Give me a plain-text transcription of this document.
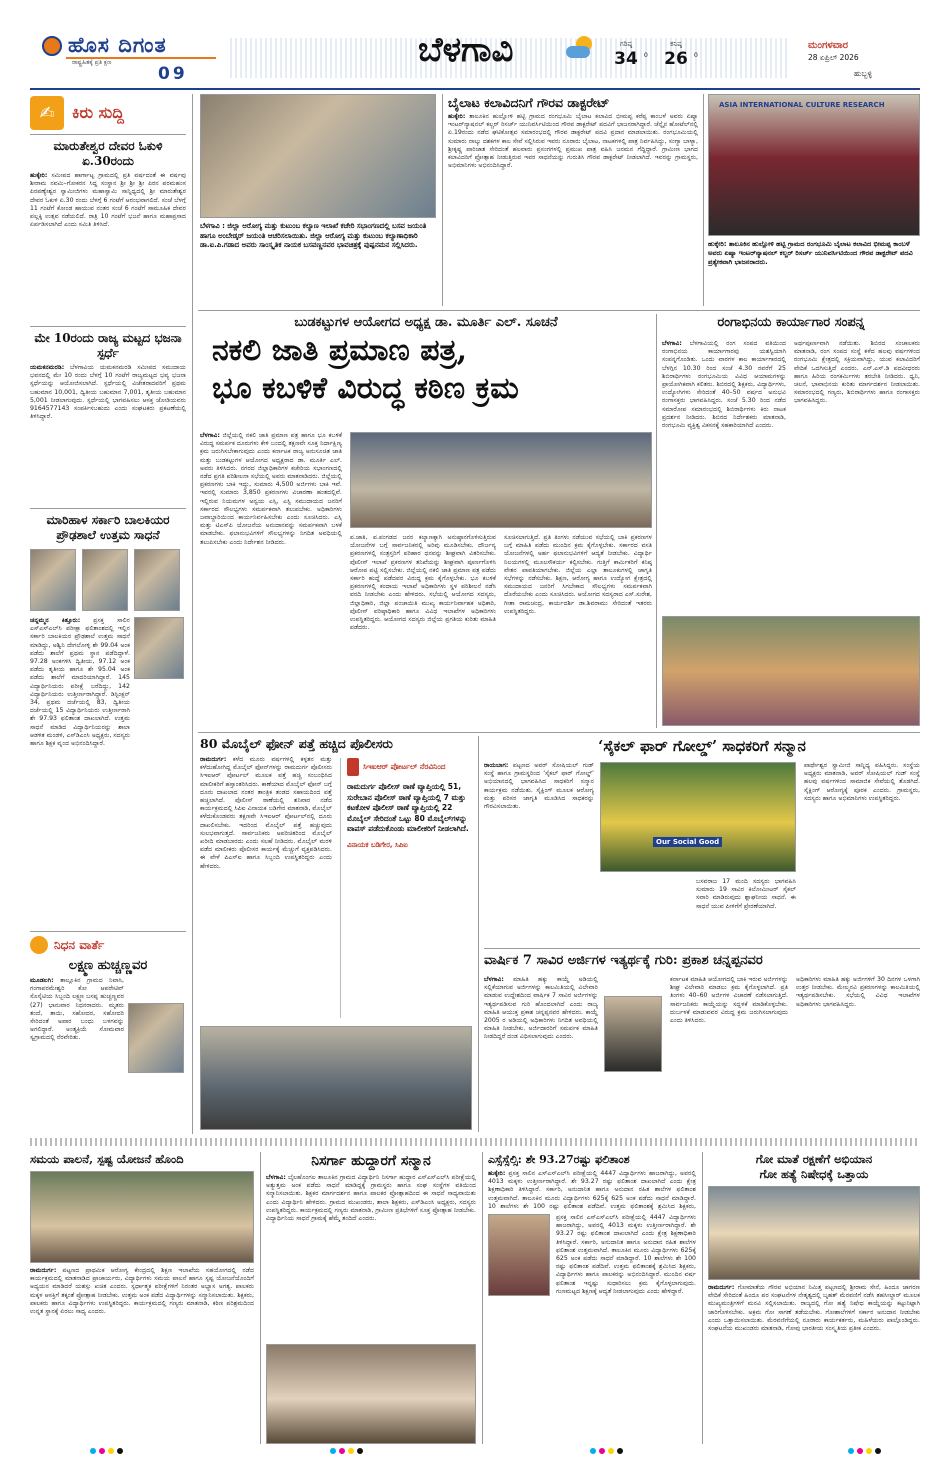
ಹೊಸ ದಿಗಂತ
ರಾಷ್ಟ್ರಹಿತಕ್ಕೆ ಪ್ರತಿ ಕ್ಷಣ
09
ಬೆಳಗಾವಿ	ಗರಿಷ್ಠ
34	0
ಕನಿಷ್ಠ
26	0
ಮಂಗಳವಾರ
28 ಏಪ್ರಿಲ್ 2026
ಹುಬ್ಬಳ್ಳಿ
✍	ಕಿರು ಸುದ್ದಿ
ಮಾರುತೇಶ್ವರ ದೇವರ ಓಕುಳಿ ಏ.30ರಂದು
ಹುಕ್ಕೇರಿ: ಸಮೀಪದ ಹಾರ್ಗಾಟ್ಟ ಗ್ರಾಮದಲ್ಲಿ ಪ್ರತಿ ವರ್ಷದಂತೆ ಈ ವರ್ಷವು ಶೀರಾಮ ನವಮಿ–ಗೋಕರನ ಸಿದ್ಧ ಸಂಸ್ಥಾನ ಶ್ರೀ ಶ್ರೀ ಶ್ರೀ ಪಿರನ ಪರಮಹಂಸ ಪಿರಪಣ್ಯೇಶ್ವರ ಸ್ವಾಮೀಜಿಗಳು ಮಹಾಸ್ವಾಮಿ ಸಾನ್ನಿಧ್ಯದಲ್ಲಿ ಶ್ರೀ ಮಾರುತೇಶ್ವರ ದೇವರ ಓಕುಳಿ ಏ.30 ರಂದು ಬೆಳಗ್ಗೆ 6 ಗಂಟೆಗೆ ಆರಂಭವಾಗಲಿದೆ. ಸಂಜೆ ಬೆಳಗ್ಗೆ 11 ಗಂಟೆಗೆ ಕೋಂಡ ಹಾಯುವ ನಂತರ ಸಂಜೆ 6 ಗಂಟೆಗೆ ಸಾಮೂಹಿಕ ದೇವರ ಪಲ್ಲಕ್ಕಿ ಉತ್ಸವ ನಡೆಯಲಿದೆ. ರಾತ್ರಿ 10 ಗಂಟೆಗೆ ಭಜನೆ ಹಾಗೂ ಮಹಾಪ್ರಸಾದ ಏರ್ಪಡಿಸಲಾಗಿದೆ ಎಂದು ಸಮಿತಿ ತಿಳಿಸಿದೆ.
ಮೇ 10ರಂದು ರಾಜ್ಯ ಮಟ್ಟದ ಭಜನಾ ಸ್ಪರ್ಧೆ
ಯಮಕನಮರಡಿ: ಬೆಳಗಾವಿಯ ಯಮಕನಮರಡಿ ಸಮೀಪದ ಸಮುದಾಯ ಭವನದಲ್ಲಿ ಮೇ 10 ರಂದು ಬೆಳಗ್ಗೆ 10 ಗಂಟೆಗೆ ರಾಜ್ಯಮಟ್ಟದ ಭವ್ಯ ಭಜನಾ ಸ್ಪರ್ಧೆಯನ್ನು ಆಯೋಜಿಸಲಾಗಿದೆ. ಸ್ಪರ್ಧೆಯಲ್ಲಿ ವಿಜೇತರಾದವರಿಗೆ ಪ್ರಥಮ ಬಹುಮಾನ 10,001, ದ್ವಿತೀಯ ಬಹುಮಾನ 7,001, ತೃತೀಯ ಬಹುಮಾನ 5,001 ನೀಡಲಾಗುವುದು. ಸ್ಪರ್ಧೆಯಲ್ಲಿ ಭಾಗವಹಿಸಲು ಆಸಕ್ತ ಜೋಡಿಯವರು 9164577143 ಸಂಪರ್ಕಿಸಬಹುದು ಎಂದು ಸಂಘಟಕರು ಪ್ರಕಟಣೆಯಲ್ಲಿ ತಿಳಿಸಿದ್ದಾರೆ.
ಮಾರಿಹಾಳ ಸರ್ಕಾರಿ ಬಾಲಕಿಯರ ಪ್ರೌಢಶಾಲೆ ಉತ್ತಮ ಸಾಧನೆ
ಚನ್ನಮ್ಮನ ಕಿತ್ತೂರು: ಪ್ರಸಕ್ತ ಸಾಲಿನ ಎಸ್ಎಸ್ಎಲ್‌ಸಿ ಪರೀಕ್ಷಾ ಫಲಿತಾಂಶದಲ್ಲಿ ಇಲ್ಲಿನ ಸರ್ಕಾರಿ ಬಾಲಕಿಯರ ಪ್ರೌಢಶಾಲೆ ಉತ್ತಮ ಸಾಧನೆ ಮಾಡಿದ್ದು, ಅಶ್ವಿನಿ ದೇಗಲೋಳ್ಳಿ ಶೇ 99.04 ಅಂಕ ಪಡೆದು ಶಾಲೆಗೆ ಪ್ರಥಮ ಸ್ಥಾನ ಪಡೆದಿದ್ದಾಳೆ. 97.28 ಅಂಕಗಳಿಸಿ ದ್ವಿತೀಯ, 97.12 ಅಂಕ ಪಡೆದು ತೃತೀಯ ಹಾಗೂ ಶೇ 95.04 ಅಂಕ ಪಡೆದು ಶಾಲೆಗೆ ಮಾದರಿಯಾಗಿದ್ದಾರೆ. 145 ವಿದ್ಯಾರ್ಥಿನಿಯರು ಪರೀಕ್ಷೆ ಬರೆದಿದ್ದು, 142 ವಿದ್ಯಾರ್ಥಿನಿಯರು ಉತ್ತೀರ್ಣರಾಗಿದ್ದಾರೆ. ಡಿಸ್ಟಿಂಕ್ಷನ್ 34, ಪ್ರಥಮ ದರ್ಜೆಯಲ್ಲಿ 83, ದ್ವಿತೀಯ ದರ್ಜೆಯಲ್ಲಿ 15 ವಿದ್ಯಾರ್ಥಿನಿಯರು ಉತ್ತೀರ್ಣರಾಗಿ ಶೇ 97.93 ಫಲಿತಾಂಶ ದಾಖಲಾಗಿದೆ. ಉತ್ತಮ ಸಾಧನೆ ಮಾಡಿದ ವಿದ್ಯಾರ್ಥಿನಿಯರನ್ನು ಶಾಲಾ ಆಡಳಿತ ಮಂಡಳಿ, ಎಸ್‌ಡಿಎಂಸಿ ಅಧ್ಯಕ್ಷರು, ಸದಸ್ಯರು ಹಾಗೂ ಶಿಕ್ಷಕ ವೃಂದ ಅಭಿನಂದಿಸಿದ್ದಾರೆ.
ನಿಧನ ವಾರ್ತೆ
ಲಕ್ಷ್ಮಣ ಹುಚ್ಚಣ್ಣವರ
ಮೂಡಲಗಿ: ತಾಲ್ಲೂಕಿನ ಗ್ರಾಮದ ನಿವಾಸಿ, ಗಂಗಾಪರಮೇಶ್ವರಿ ಕೋ ಆಪರೇಟಿವ್ ಸೊಸೈಟಿಯ ಸಿಬ್ಬಂದಿ ಲಕ್ಷ್ಮಣ ಬಸಪ್ಪ ಹುಚ್ಚಣ್ಣವರ (27) ಭಾನುವಾರ ನಿಧನರಾದರು. ಮೃತರು ತಂದೆ, ತಾಯಿ, ಸಹೋದರ, ಸಹೋದರಿ ಸೇರಿದಂತೆ ಅಪಾರ ಬಂಧು ಬಳಗವನ್ನು ಅಗಲಿದ್ದಾರೆ. ಅಂತ್ಯಕ್ರಿಯೆ ಸೋಮವಾರ ಸ್ವಗ್ರಾಮದಲ್ಲಿ ನೆರವೇರಿತು.
ಬೆಳಗಾವಿ : ಜಿಲ್ಲಾ ಆರೋಗ್ಯ ಮತ್ತು ಕುಟುಂಬ ಕಲ್ಯಾಣ ಇಲಾಖೆ ಕಚೇರಿ ಸಭಾಂಗಣದಲ್ಲಿ ಬಸವ ಜಯಂತಿ ಹಾಗೂ ಅಂಬೇಡ್ಕರ್ ಜಯಂತಿ ಆಚರಿಸಲಾಯಿತು. ಜಿಲ್ಲಾ ಆರೋಗ್ಯ ಮತ್ತು ಕುಟುಂಬ ಕಲ್ಯಾಣಾಧಿಕಾರಿ ಡಾ.ಐ.ಪಿ.ಗಡಾದ ಅವರು ಸಾಂಸ್ಕೃತಿಕ ನಾಯಕ ಬಸವಣ್ಣನವರ ಭಾವಚಿತ್ರಕ್ಕೆ ಪುಷ್ಪನಮನ ಸಲ್ಲಿಸಿದರು.
ಬೈಲಾಟ ಕಲಾವಿದನಿಗೆ ಗೌರವ ಡಾಕ್ಟರೇಟ್
ಹುಕ್ಕೇರಿ: ತಾಲೂಕಿನ ಹುಲ್ಲೋಳಿ ಹಟ್ಟಿ ಗ್ರಾಮದ ರಂಗಭೂಮಿ ಬೈಲಾಟ ಕಲಾವಿದ ಭೀಮಪ್ಪ ಕರೆಪ್ಪ ಕಾಂಬಳೆ ಅವರು ಏಷ್ಯಾ ಇಂಟರ್‌ನ್ಯಾಷನಲ್ ಕಲ್ಚರ್ ರಿಸರ್ಚ್ ಯುನಿವರ್ಸಿಟಿಯಿಂದ ಗೌರವ ಡಾಕ್ಟರೇಟ್ ಪದವಿಗೆ ಭಾಜನರಾಗಿದ್ದಾರೆ. ಚೆನ್ನೈನ ಹೋಟೆಲ್‌ನಲ್ಲಿ ಏ.19ರಂದು ನಡೆದ ಘಟಿಕೋತ್ಸವ ಸಮಾರಂಭದಲ್ಲಿ ಗೌರವ ಡಾಕ್ಟರೇಟ್ ಪದವಿ ಪ್ರದಾನ ಮಾಡಲಾಯಿತು. ರಂಗಭೂಮಿಯಲ್ಲಿ ಸುಮಾರು ನಾಲ್ಕು ದಶಕಗಳ ಕಾಲ ಸೇವೆ ಸಲ್ಲಿಸಿರುವ ಇವರು ನೂರಾರು ಬೈಲಾಟ, ನಾಟಕಗಳಲ್ಲಿ ಪಾತ್ರ ನಿರ್ವಹಿಸಿದ್ದು, ಸಂಗ್ಯಾ ಬಾಳ್ಯಾ, ಶ್ರೀಕೃಷ್ಣ ಪಾರಿಜಾತ ಸೇರಿದಂತೆ ಹಲವಾರು ಪ್ರಸಂಗಗಳಲ್ಲಿ ಪ್ರಮುಖ ಪಾತ್ರ ವಹಿಸಿ ಜನಮನ ಗೆದ್ದಿದ್ದಾರೆ. ಗ್ರಾಮೀಣ ಭಾಗದ ಕಲಾವಿದರಿಗೆ ಪ್ರೋತ್ಸಾಹ ನೀಡುತ್ತಿರುವ ಇವರ ಸಾಧನೆಯನ್ನು ಗುರುತಿಸಿ ಗೌರವ ಡಾಕ್ಟರೇಟ್ ನೀಡಲಾಗಿದೆ. ಇವರನ್ನು ಗ್ರಾಮಸ್ಥರು, ಅಭಿಮಾನಿಗಳು ಅಭಿನಂದಿಸಿದ್ದಾರೆ.
ASIA INTERNATIONAL CULTURE RESEARCH
ಹುಕ್ಕೇರಿ: ತಾಲೂಕಿನ ಹುಲ್ಲೋಳಿ ಹಟ್ಟಿ ಗ್ರಾಮದ ರಂಗಭೂಮಿ ಬೈಲಾಟ ಕಲಾವಿದ ಭೀಮಪ್ಪ ಕಾಂಬಳೆ ಅವರು ಏಷ್ಯಾ ಇಂಟರ್‌ನ್ಯಾಷನಲ್ ಕಲ್ಚರ್ ರಿಸರ್ಚ್ ಯುನಿವರ್ಸಿಟಿಯಿಂದ ಗೌರವ ಡಾಕ್ಟರೇಟ್ ಪದವಿ ಪ್ರತ್ಯೇಕವಾಗಿ ಭಾಜನರಾದರು.
ಬುಡಕಟ್ಟುಗಳ ಆಯೋಗದ ಅಧ್ಯಕ್ಷ ಡಾ. ಮೂರ್ತಿ ಎಲ್. ಸೂಚನೆ
ನಕಲಿ ಜಾತಿ ಪ್ರಮಾಣ ಪತ್ರ,
ಭೂ ಕಬಳಿಕೆ ವಿರುದ್ಧ ಕಠಿಣ ಕ್ರಮ
ಬೆಳಗಾವಿ: ಜಿಲ್ಲೆಯಲ್ಲಿ ನಕಲಿ ಜಾತಿ ಪ್ರಮಾಣ ಪತ್ರ ಹಾಗೂ ಭೂ ಕಬಳಿಕೆ ವಿರುದ್ಧ ಸಮರ್ಪಕ ದೂರುಗಳು ಕೇಳಿ ಬಂದಲ್ಲಿ ತಕ್ಷಣವೇ ಸೂಕ್ತ ನಿರ್ದಾಕ್ಷಿಣ್ಯ ಕ್ರಮ ಜರುಗಿಸಬೇಕಾಗುವುದು ಎಂದು ಕರ್ನಾಟಕ ರಾಜ್ಯ ಅನುಸೂಚಿತ ಜಾತಿ ಮತ್ತು ಬುಡಕಟ್ಟುಗಳ ಆಯೋಗದ ಅಧ್ಯಕ್ಷರಾದ ಡಾ. ಮೂರ್ತಿ ಎಲ್. ಅವರು ತಿಳಿಸಿದರು. ನಗರದ ಜಿಲ್ಲಾಧಿಕಾರಿಗಳ ಕಚೇರಿಯ ಸಭಾಂಗಣದಲ್ಲಿ ನಡೆದ ಪ್ರಗತಿ ಪರಿಶೀಲನಾ ಸಭೆಯಲ್ಲಿ ಅವರು ಮಾತನಾಡಿದರು. ಜಿಲ್ಲೆಯಲ್ಲಿ ಪ್ರಕರಣಗಳು ಬಾಕಿ ಇದ್ದು, ಸುಮಾರು 4,500 ಅರ್ಜಿಗಳು ಬಾಕಿ ಇವೆ. ಇವರಲ್ಲಿ ಸುಮಾರು 3,850 ಪ್ರಕರಣಗಳು ವಿಚಾರಣಾ ಹಂತದಲ್ಲಿವೆ. ಇಲ್ಲಿರುವ ನಿಯಮಗಳ ಅನ್ವಯ ಎಸ್ಸಿ, ಎಸ್ಟಿ ಸಮುದಾಯದ ಜನರಿಗೆ ಸರ್ಕಾರದ ಸೌಲಭ್ಯಗಳು ಸಮರ್ಪಕವಾಗಿ ತಲುಪಬೇಕು. ಅಧಿಕಾರಿಗಳು ಜವಾಬ್ದಾರಿಯಿಂದ ಕಾರ್ಯನಿರ್ವಹಿಸಬೇಕು ಎಂದು ಸೂಚಿಸಿದರು. ಎಸ್ಸಿ ಮತ್ತು ಟಿಎಸ್‌ಪಿ ಯೋಜನೆಯ ಅನುದಾನವನ್ನು ಸಮರ್ಪಕವಾಗಿ ಬಳಕೆ ಮಾಡಬೇಕು. ಫಲಾನುಭವಿಗಳಿಗೆ ಸೌಲಭ್ಯಗಳನ್ನು ನಿಗದಿತ ಅವಧಿಯಲ್ಲಿ ತಲುಪಿಸಬೇಕು ಎಂದು ನಿರ್ದೇಶನ ನೀಡಿದರು.
ಪ.ಜಾತಿ, ಪ.ಪಂಗಡದ ಜನರ ಕಲ್ಯಾಣಕ್ಕಾಗಿ ಅನುಷ್ಠಾನಗೊಳಿಸುತ್ತಿರುವ ಯೋಜನೆಗಳ ಬಗ್ಗೆ ಸಾರ್ವಜನಿಕರಲ್ಲಿ ಅರಿವು ಮೂಡಿಸಬೇಕು. ದೌರ್ಜನ್ಯ ಪ್ರಕರಣಗಳಲ್ಲಿ ಸಂತ್ರಸ್ತರಿಗೆ ಪರಿಹಾರ ಧನವನ್ನು ಶೀಘ್ರವಾಗಿ ವಿತರಿಸಬೇಕು. ಪೊಲೀಸ್ ಇಲಾಖೆ ಪ್ರಕರಣಗಳ ತನಿಖೆಯನ್ನು ಶೀಘ್ರವಾಗಿ ಪೂರ್ಣಗೊಳಿಸಿ ಆರೋಪ ಪಟ್ಟಿ ಸಲ್ಲಿಸಬೇಕು. ಜಿಲ್ಲೆಯಲ್ಲಿ ನಕಲಿ ಜಾತಿ ಪ್ರಮಾಣ ಪತ್ರ ಪಡೆದು ಸರ್ಕಾರಿ ಹುದ್ದೆ ಪಡೆದವರ ವಿರುದ್ಧ ಕ್ರಮ ಕೈಗೊಳ್ಳಬೇಕು. ಭೂ ಕಬಳಿಕೆ ಪ್ರಕರಣಗಳಲ್ಲಿ ಕಂದಾಯ ಇಲಾಖೆ ಅಧಿಕಾರಿಗಳು ಸ್ಥಳ ಪರಿಶೀಲನೆ ನಡೆಸಿ ವರದಿ ನೀಡಬೇಕು ಎಂದು ಹೇಳಿದರು. ಸಭೆಯಲ್ಲಿ ಆಯೋಗದ ಸದಸ್ಯರು, ಜಿಲ್ಲಾಧಿಕಾರಿ, ಜಿಲ್ಲಾ ಪಂಚಾಯಿತಿ ಮುಖ್ಯ ಕಾರ್ಯನಿರ್ವಾಹಕ ಅಧಿಕಾರಿ, ಪೊಲೀಸ್ ವರಿಷ್ಠಾಧಿಕಾರಿ ಹಾಗೂ ವಿವಿಧ ಇಲಾಖೆಗಳ ಅಧಿಕಾರಿಗಳು ಉಪಸ್ಥಿತರಿದ್ದರು. ಆಯೋಗದ ಸದಸ್ಯರು ಜಿಲ್ಲೆಯ ಪ್ರಗತಿಯ ಕುರಿತು ಮಾಹಿತಿ ಪಡೆದರು.
ಸೂಚಿಸಲಾಗುತ್ತಿದೆ. ಪ್ರತಿ ತಿಂಗಳು ನಡೆಯುವ ಸಭೆಯಲ್ಲಿ ಬಾಕಿ ಪ್ರಕರಣಗಳ ಬಗ್ಗೆ ಮಾಹಿತಿ ಪಡೆದು ಮುಂದಿನ ಕ್ರಮ ಕೈಗೊಳ್ಳಬೇಕು. ಸರ್ಕಾರದ ವಸತಿ ಯೋಜನೆಗಳಲ್ಲಿ ಅರ್ಹ ಫಲಾನುಭವಿಗಳಿಗೆ ಆದ್ಯತೆ ನೀಡಬೇಕು. ವಿದ್ಯಾರ್ಥಿ ನಿಲಯಗಳಲ್ಲಿ ಮೂಲಸೌಕರ್ಯ ಕಲ್ಪಿಸಬೇಕು. ಗುತ್ತಿಗೆ ಕಾರ್ಮಿಕರಿಗೆ ಕನಿಷ್ಠ ವೇತನ ಪಾವತಿಯಾಗಬೇಕು. ಜಿಲ್ಲೆಯ ಎಲ್ಲಾ ತಾಲೂಕುಗಳಲ್ಲಿ ಜಾಗೃತಿ ಸಭೆಗಳನ್ನು ನಡೆಸಬೇಕು. ಶಿಕ್ಷಣ, ಆರೋಗ್ಯ ಹಾಗೂ ಉದ್ಯೋಗ ಕ್ಷೇತ್ರದಲ್ಲಿ ಸಮುದಾಯದ ಜನರಿಗೆ ಸಿಗಬೇಕಾದ ಸೌಲಭ್ಯಗಳು ಸಮರ್ಪಕವಾಗಿ ದೊರೆಯಬೇಕು ಎಂದು ಸೂಚಿಸಿದರು. ಆಯೋಗದ ಸದಸ್ಯರಾದ ಎಸ್.ಸುರೇಶ, ಗೀತಾ ರಾಮಚಂದ್ರ, ಕಾರ್ಯದರ್ಶಿ ಡಾ.ಶಿವರಾಮು ಸೇರಿದಂತೆ ಇತರರು ಉಪಸ್ಥಿತರಿದ್ದರು.
ರಂಗಾಭಿನಯ ಕಾರ್ಯಾಗಾರ ಸಂಪನ್ನ
ಬೆಳಗಾವಿ: ಬೆಳಗಾವಿಯಲ್ಲಿ ರಂಗ ಸಂಪದ ವತಿಯಿಂದ ರಂಗಾಭಿನಯ ಕಾರ್ಯಾಗಾರವು ಯಶಸ್ವಿಯಾಗಿ ಸಂಪನ್ನಗೊಂಡಿತು. ಒಂದು ವಾರಗಳ ಕಾಲ ಕಾರ್ಯಾಗಾರದಲ್ಲಿ ಬೆಳಗ್ಗಿನ 10.30 ರಿಂದ ಸಂಜೆ 4.30 ರವರೆಗೆ 25 ಶಿಬಿರಾರ್ಥಿಗಳು ರಂಗಭೂಮಿಯ ವಿವಿಧ ಆಯಾಮಗಳನ್ನು ಪ್ರಾಯೋಗಿಕವಾಗಿ ಕಲಿತರು. ಶಿಬಿರದಲ್ಲಿ ಶಿಕ್ಷಕರು, ವಿದ್ಯಾರ್ಥಿಗಳು, ಉದ್ಯೋಗಿಗಳು ಸೇರಿದಂತೆ 40–50 ವರ್ಷದ ಅನುಭವಿ ರಂಗಾಸಕ್ತರು ಭಾಗವಹಿಸಿದ್ದರು. ಸಂಜೆ 5.30 ರಿಂದ ನಡೆದ ಸಮಾರೋಪ ಸಮಾರಂಭದಲ್ಲಿ ಶಿಬಿರಾರ್ಥಿಗಳು ಕಿರು ನಾಟಕ ಪ್ರದರ್ಶನ ನೀಡಿದರು. ಶಿಬಿರದ ನಿರ್ದೇಶಕರು ಮಾತನಾಡಿ, ರಂಗಭೂಮಿ ವ್ಯಕ್ತಿತ್ವ ವಿಕಸನಕ್ಕೆ ಸಹಕಾರಿಯಾಗಿದೆ ಎಂದರು.
ಅರ್ಥಪೂರ್ಣವಾಗಿ ನಡೆಯಿತು. ಶಿಬಿರದ ಸಂಚಾಲಕರು ಮಾತನಾಡಿ, ರಂಗ ಸಂಪದ ಸಂಸ್ಥೆ ಕಳೆದ ಹಲವು ವರ್ಷಗಳಿಂದ ರಂಗಭೂಮಿ ಕ್ಷೇತ್ರದಲ್ಲಿ ಸಕ್ರಿಯವಾಗಿದ್ದು, ಯುವ ಕಲಾವಿದರಿಗೆ ವೇದಿಕೆ ಒದಗಿಸುತ್ತಿದೆ ಎಂದರು. ಎನ್.ಎಸ್.ಡಿ ಪದವೀಧರರು ಹಾಗೂ ಹಿರಿಯ ರಂಗಕರ್ಮಿಗಳು ತರಬೇತಿ ನೀಡಿದರು. ಧ್ವನಿ, ಚಲನೆ, ಭಾವಾಭಿನಯ ಕುರಿತು ಮಾರ್ಗದರ್ಶನ ನೀಡಲಾಯಿತು. ಸಮಾರಂಭದಲ್ಲಿ ಗಣ್ಯರು, ಶಿಬಿರಾರ್ಥಿಗಳು ಹಾಗೂ ರಂಗಾಸಕ್ತರು ಭಾಗವಹಿಸಿದ್ದರು.
80 ಮೊಬೈಲ್ ಫೋನ್ ಪತ್ತೆ ಹಚ್ಚಿದ ಪೊಲೀಸರು
ರಾಮದುರ್ಗ: ಕಳೆದ ಮೂರು ವರ್ಷಗಳಲ್ಲಿ ಕಳ್ಳತನ ಮತ್ತು ಕಳೆದುಹೋಗಿದ್ದ ಮೊಬೈಲ್ ಫೋನ್‌ಗಳನ್ನು ರಾಮದುರ್ಗ ಪೊಲೀಸರು ಸಿಇಐಆರ್ ಪೋರ್ಟಲ್ ಮೂಲಕ ಪತ್ತೆ ಹಚ್ಚಿ ಸಂಬಂಧಿಸಿದ ಮಾಲೀಕರಿಗೆ ಹಸ್ತಾಂತರಿಸಿದರು. ಕಾಣೆಯಾದ ಮೊಬೈಲ್ ಫೋನ್ ಬಗ್ಗೆ ದೂರು ದಾಖಲಾದ ನಂತರ ತಾಂತ್ರಿಕ ತಂಡದ ಸಹಾಯದಿಂದ ಪತ್ತೆ ಹಚ್ಚಲಾಗಿದೆ. ಪೊಲೀಸ್ ಠಾಣೆಯಲ್ಲಿ ಶನಿವಾರ ನಡೆದ ಕಾರ್ಯಕ್ರಮದಲ್ಲಿ ಸಿಪಿಐ ವಿನಾಯಕ ಬಡಿಗೇರ ಮಾತನಾಡಿ, ಮೊಬೈಲ್ ಕಳೆದುಕೊಂಡವರು ತಕ್ಷಣವೇ ಸಿಇಐಆರ್ ಪೋರ್ಟಲ್‌ನಲ್ಲಿ ದೂರು ದಾಖಲಿಸಬೇಕು. ಇದರಿಂದ ಮೊಬೈಲ್ ಪತ್ತೆ ಹಚ್ಚುವುದು ಸುಲಭವಾಗುತ್ತದೆ. ಸಾರ್ವಜನಿಕರು ಅಪರಿಚಿತರಿಂದ ಮೊಬೈಲ್ ಖರೀದಿ ಮಾಡಬಾರದು ಎಂದು ಸಲಹೆ ನೀಡಿದರು. ಮೊಬೈಲ್ ಮರಳಿ ಪಡೆದ ಮಾಲೀಕರು ಪೊಲೀಸರ ಕಾರ್ಯಕ್ಕೆ ಮೆಚ್ಚುಗೆ ವ್ಯಕ್ತಪಡಿಸಿದರು. ಈ ವೇಳೆ ಪಿಎಸ್ಐ ಹಾಗೂ ಸಿಬ್ಬಂದಿ ಉಪಸ್ಥಿತರಿದ್ದರು ಎಂದು ಹೇಳಿದರು.
ಸಿಇಐಆರ್ ಪೋರ್ಟಲ್ ನೆರವಿನಿಂದ
ರಾಮದುರ್ಗ ಪೊಲೀಸ್ ಠಾಣೆ ವ್ಯಾಪ್ತಿಯಲ್ಲಿ 51, ಸುರೇಬಾನ ಪೊಲೀಸ್ ಠಾಣೆ ವ್ಯಾಪ್ತಿಯಲ್ಲಿ 7 ಮತ್ತು ಕಟಕೋಳ ಪೊಲೀಸ್ ಠಾಣೆ ವ್ಯಾಪ್ತಿಯಲ್ಲಿ 22 ಮೊಬೈಲ್ ಸೇರಿದಂತೆ ಒಟ್ಟು 80 ಮೊಬೈಲ್‌ಗಳನ್ನು ವಾಪಸ್ ಪಡೆದುಕೊಂಡು ಮಾಲೀಕರಿಗೆ ನೀಡಲಾಗಿದೆ.
ವಿನಾಯಕ ಬಡಿಗೇರ, ಸಿಪಿಐ
‘ಸೈಕಲ್ ಫಾರ್ ಗೋಲ್ಡ್’ ಸಾಧಕರಿಗೆ ಸನ್ಮಾನ
ರಾಯಬಾಗ: ಪಟ್ಟಣದ ಅವರ್ ಸೋಷಿಯಲ್ ಗುಡ್ ಸಂಸ್ಥೆ ಹಾಗೂ ಗ್ರಾಮಸ್ಥರಿಂದ ‘ಸೈಕಲ್ ಫಾರ್ ಗೋಲ್ಡ್’ ಅಭಿಯಾನದಲ್ಲಿ ಭಾಗವಹಿಸಿದ ಸಾಧಕರಿಗೆ ಸನ್ಮಾನ ಕಾರ್ಯಕ್ರಮ ನಡೆಯಿತು. ಸೈಕ್ಲಿಂಗ್ ಮೂಲಕ ಆರೋಗ್ಯ ಮತ್ತು ಪರಿಸರ ಜಾಗೃತಿ ಮೂಡಿಸಿದ ಸಾಧಕರನ್ನು ಗೌರವಿಸಲಾಯಿತು.
Our Social Good
ಬಸವರಾಜ 17 ಮಂದಿ ಸದಸ್ಯರು ಭಾಗವಹಿಸಿ ಸುಮಾರು 19 ಸಾವಿರ ಕಿಲೋಮೀಟರ್ ಸೈಕಲ್ ಸವಾರಿ ಮಾಡಿರುವುದು ಶ್ಲಾಘನೀಯ ಸಾಧನೆ. ಈ ಸಾಧನೆ ಯುವ ಪೀಳಿಗೆಗೆ ಪ್ರೇರಣೆಯಾಗಿದೆ.
ಪಾರ್ಥೇಶ್ವರ ಸ್ವಾಮೀಜಿ ಸಾನ್ನಿಧ್ಯ ವಹಿಸಿದ್ದರು. ಸಂಸ್ಥೆಯ ಅಧ್ಯಕ್ಷರು ಮಾತನಾಡಿ, ಅವರ್ ಸೋಷಿಯಲ್ ಗುಡ್ ಸಂಸ್ಥೆ ಹಲವು ವರ್ಷಗಳಿಂದ ಸಾಮಾಜಿಕ ಸೇವೆಯಲ್ಲಿ ತೊಡಗಿದೆ. ಸೈಕ್ಲಿಂಗ್ ಆರೋಗ್ಯಕ್ಕೆ ಪೂರಕ ಎಂದರು. ಗ್ರಾಮಸ್ಥರು, ಸದಸ್ಯರು ಹಾಗೂ ಅಭಿಮಾನಿಗಳು ಉಪಸ್ಥಿತರಿದ್ದರು.
ವಾರ್ಷಿಕ 7 ಸಾವಿರ ಅರ್ಜಿಗಳ ಇತ್ಯರ್ಥಕ್ಕೆ ಗುರಿ: ಪ್ರಕಾಶ ಚನ್ನಪ್ಪನವರ
ಬೆಳಗಾವಿ: ಮಾಹಿತಿ ಹಕ್ಕು ಕಾಯ್ದೆ ಅಡಿಯಲ್ಲಿ ಸಲ್ಲಿಕೆಯಾಗುವ ಅರ್ಜಿಗಳನ್ನು ಕಾಲಮಿತಿಯಲ್ಲಿ ವಿಲೇವಾರಿ ಮಾಡುವ ಉದ್ದೇಶದಿಂದ ವಾರ್ಷಿಕ 7 ಸಾವಿರ ಅರ್ಜಿಗಳನ್ನು ಇತ್ಯರ್ಥಪಡಿಸುವ ಗುರಿ ಹೊಂದಲಾಗಿದೆ ಎಂದು ರಾಜ್ಯ ಮಾಹಿತಿ ಆಯುಕ್ತ ಪ್ರಕಾಶ ಚನ್ನಪ್ಪನವರ ಹೇಳಿದರು. ಕಾಯ್ದೆ 2005 ರ ಅಡಿಯಲ್ಲಿ ಅಧಿಕಾರಿಗಳು ನಿಗದಿತ ಅವಧಿಯಲ್ಲಿ ಮಾಹಿತಿ ನೀಡಬೇಕು. ಅರ್ಜಿದಾರರಿಗೆ ಸಮರ್ಪಕ ಮಾಹಿತಿ ನೀಡದಿದ್ದರೆ ದಂಡ ವಿಧಿಸಲಾಗುವುದು ಎಂದರು.
ಕರ್ನಾಟಕ ಮಾಹಿತಿ ಆಯೋಗದಲ್ಲಿ ಬಾಕಿ ಇರುವ ಅರ್ಜಿಗಳನ್ನು ಶೀಘ್ರ ವಿಲೇವಾರಿ ಮಾಡಲು ಕ್ರಮ ಕೈಗೊಳ್ಳಲಾಗಿದೆ. ಪ್ರತಿ ತಿಂಗಳು 40–60 ಅರ್ಜಿಗಳ ವಿಚಾರಣೆ ನಡೆಸಲಾಗುತ್ತಿದೆ. ಸಾರ್ವಜನಿಕರು ಕಾಯ್ದೆಯನ್ನು ಸದ್ಬಳಕೆ ಮಾಡಿಕೊಳ್ಳಬೇಕು. ದುರ್ಬಳಕೆ ಮಾಡುವವರ ವಿರುದ್ಧ ಕ್ರಮ ಜರುಗಿಸಲಾಗುವುದು ಎಂದು ತಿಳಿಸಿದರು.
ಅಧಿಕಾರಿಗಳು ಮಾಹಿತಿ ಹಕ್ಕು ಅರ್ಜಿಗಳಿಗೆ 30 ದಿನಗಳ ಒಳಗಾಗಿ ಉತ್ತರ ನೀಡಬೇಕು. ಮೇಲ್ಮನವಿ ಪ್ರಕರಣಗಳನ್ನು ಕಾಲಮಿತಿಯಲ್ಲಿ ಇತ್ಯರ್ಥಪಡಿಸಬೇಕು. ಸಭೆಯಲ್ಲಿ ವಿವಿಧ ಇಲಾಖೆಗಳ ಅಧಿಕಾರಿಗಳು ಭಾಗವಹಿಸಿದ್ದರು.
ಸಮಯ ಪಾಲನೆ, ಸ್ಪಷ್ಟ ಯೋಜನೆ ಹೊಂದಿ
ರಾಮದುರ್ಗ: ಪಟ್ಟಣದ ಪ್ರಾಥಮಿಕ ಆರೋಗ್ಯ ಕೇಂದ್ರದಲ್ಲಿ ಶಿಕ್ಷಣ ಇಲಾಖೆಯ ಸಹಯೋಗದಲ್ಲಿ ನಡೆದ ಕಾರ್ಯಕ್ರಮದಲ್ಲಿ ಮಾತನಾಡಿದ ಪ್ರಾಚಾರ್ಯರು, ವಿದ್ಯಾರ್ಥಿಗಳು ಸಮಯ ಪಾಲನೆ ಹಾಗೂ ಸ್ಪಷ್ಟ ಯೋಜನೆಯೊಂದಿಗೆ ಅಧ್ಯಯನ ಮಾಡಿದರೆ ಯಶಸ್ಸು ಖಚಿತ ಎಂದರು. ಸ್ಪರ್ಧಾತ್ಮಕ ಪರೀಕ್ಷೆಗಳಿಗೆ ನಿರಂತರ ಅಭ್ಯಾಸ ಅಗತ್ಯ. ಪಾಲಕರು ಮಕ್ಕಳ ಆಸಕ್ತಿಗೆ ತಕ್ಕಂತೆ ಪ್ರೋತ್ಸಾಹ ನೀಡಬೇಕು. ಉತ್ತಮ ಅಂಕ ಪಡೆದ ವಿದ್ಯಾರ್ಥಿಗಳನ್ನು ಸನ್ಮಾನಿಸಲಾಯಿತು. ಶಿಕ್ಷಕರು, ಪಾಲಕರು ಹಾಗೂ ವಿದ್ಯಾರ್ಥಿಗಳು ಉಪಸ್ಥಿತರಿದ್ದರು. ಕಾರ್ಯಕ್ರಮದಲ್ಲಿ ಗಣ್ಯರು ಮಾತನಾಡಿ, ಕಠಿಣ ಪರಿಶ್ರಮದಿಂದ ಉನ್ನತ ಸ್ಥಾನಕ್ಕೆ ಏರಲು ಸಾಧ್ಯ ಎಂದರು.
ನಿಸರ್ಗಾ ಹುದ್ದಾರಗೆ ಸನ್ಮಾನ
ಬೆಳಗಾವಿ: ಬೈಲಹೊಂಗಲ ತಾಲೂಕಿನ ಗ್ರಾಮದ ವಿದ್ಯಾರ್ಥಿನಿ ನಿಸರ್ಗಾ ಹುದ್ದಾರ ಎಸ್ಎಸ್ಎಲ್‌ಸಿ ಪರೀಕ್ಷೆಯಲ್ಲಿ ಅತ್ಯುತ್ತಮ ಅಂಕ ಪಡೆದು ಸಾಧನೆ ಮಾಡಿದ್ದಕ್ಕೆ ಗ್ರಾಮಸ್ಥರು ಹಾಗೂ ಸಂಘ ಸಂಸ್ಥೆಗಳ ವತಿಯಿಂದ ಸನ್ಮಾನಿಸಲಾಯಿತು. ಶಿಕ್ಷಕರ ಮಾರ್ಗದರ್ಶನ ಹಾಗೂ ಪಾಲಕರ ಪ್ರೋತ್ಸಾಹದಿಂದ ಈ ಸಾಧನೆ ಸಾಧ್ಯವಾಯಿತು ಎಂದು ವಿದ್ಯಾರ್ಥಿನಿ ಹೇಳಿದರು. ಗ್ರಾಮದ ಮುಖಂಡರು, ಶಾಲಾ ಶಿಕ್ಷಕರು, ಎಸ್‌ಡಿಎಂಸಿ ಅಧ್ಯಕ್ಷರು, ಸದಸ್ಯರು ಉಪಸ್ಥಿತರಿದ್ದರು. ಕಾರ್ಯಕ್ರಮದಲ್ಲಿ ಗಣ್ಯರು ಮಾತನಾಡಿ, ಗ್ರಾಮೀಣ ಪ್ರತಿಭೆಗಳಿಗೆ ಸೂಕ್ತ ಪ್ರೋತ್ಸಾಹ ನೀಡಬೇಕು. ವಿದ್ಯಾರ್ಥಿನಿಯ ಸಾಧನೆ ಗ್ರಾಮಕ್ಕೆ ಹೆಮ್ಮೆ ತಂದಿದೆ ಎಂದರು.
ಎಸ್ಸೆಸ್ಸೆಲ್ಸಿ: ಶೇ 93.27ರಷ್ಟು ಫಲಿತಾಂಶ
ಹುಕ್ಕೇರಿ: ಪ್ರಸಕ್ತ ಸಾಲಿನ ಎಸ್ಎಸ್ಎಲ್‌ಸಿ ಪರೀಕ್ಷೆಯಲ್ಲಿ 4447 ವಿದ್ಯಾರ್ಥಿಗಳು ಹಾಜರಾಗಿದ್ದು, ಅವರಲ್ಲಿ 4013 ಮಕ್ಕಳು ಉತ್ತೀರ್ಣರಾಗಿದ್ದಾರೆ. ಶೇ 93.27 ರಷ್ಟು ಫಲಿತಾಂಶ ದಾಖಲಾಗಿದೆ ಎಂದು ಕ್ಷೇತ್ರ ಶಿಕ್ಷಣಾಧಿಕಾರಿ ತಿಳಿಸಿದ್ದಾರೆ. ಸರ್ಕಾರಿ, ಅನುದಾನಿತ ಹಾಗೂ ಅನುದಾನ ರಹಿತ ಶಾಲೆಗಳ ಫಲಿತಾಂಶ ಉತ್ತಮವಾಗಿದೆ. ತಾಲೂಕಿನ ಮೂರು ವಿದ್ಯಾರ್ಥಿಗಳು 625ಕ್ಕೆ 625 ಅಂಕ ಪಡೆದು ಸಾಧನೆ ಮಾಡಿದ್ದಾರೆ. 10 ಶಾಲೆಗಳು ಶೇ 100 ರಷ್ಟು ಫಲಿತಾಂಶ ಪಡೆದಿವೆ. ಉತ್ತಮ ಫಲಿತಾಂಶಕ್ಕೆ ಶ್ರಮಿಸಿದ ಶಿಕ್ಷಕರು,
ಪ್ರಸಕ್ತ ಸಾಲಿನ ಎಸ್ಎಸ್ಎಲ್‌ಸಿ ಪರೀಕ್ಷೆಯಲ್ಲಿ 4447 ವಿದ್ಯಾರ್ಥಿಗಳು ಹಾಜರಾಗಿದ್ದು, ಅವರಲ್ಲಿ 4013 ಮಕ್ಕಳು ಉತ್ತೀರ್ಣರಾಗಿದ್ದಾರೆ. ಶೇ 93.27 ರಷ್ಟು ಫಲಿತಾಂಶ ದಾಖಲಾಗಿದೆ ಎಂದು ಕ್ಷೇತ್ರ ಶಿಕ್ಷಣಾಧಿಕಾರಿ ತಿಳಿಸಿದ್ದಾರೆ. ಸರ್ಕಾರಿ, ಅನುದಾನಿತ ಹಾಗೂ ಅನುದಾನ ರಹಿತ ಶಾಲೆಗಳ ಫಲಿತಾಂಶ ಉತ್ತಮವಾಗಿದೆ. ತಾಲೂಕಿನ ಮೂರು ವಿದ್ಯಾರ್ಥಿಗಳು 625ಕ್ಕೆ 625 ಅಂಕ ಪಡೆದು ಸಾಧನೆ ಮಾಡಿದ್ದಾರೆ. 10 ಶಾಲೆಗಳು ಶೇ 100 ರಷ್ಟು ಫಲಿತಾಂಶ ಪಡೆದಿವೆ. ಉತ್ತಮ ಫಲಿತಾಂಶಕ್ಕೆ ಶ್ರಮಿಸಿದ ಶಿಕ್ಷಕರು, ವಿದ್ಯಾರ್ಥಿಗಳು ಹಾಗೂ ಪಾಲಕರನ್ನು ಅಭಿನಂದಿಸಿದ್ದಾರೆ. ಮುಂದಿನ ವರ್ಷ ಫಲಿತಾಂಶ ಇನ್ನಷ್ಟು ಸುಧಾರಿಸಲು ಕ್ರಮ ಕೈಗೊಳ್ಳಲಾಗುವುದು. ಗುಣಮಟ್ಟದ ಶಿಕ್ಷಣಕ್ಕೆ ಆದ್ಯತೆ ನೀಡಲಾಗುವುದು ಎಂದು ಹೇಳಿದ್ದಾರೆ.
ಗೋ ಮಾತೆ ರಕ್ಷಣೆಗೆ ಅಭಿಯಾನ
ಗೋ ಹತ್ಯೆ ನಿಷೇಧಕ್ಕೆ ಒತ್ತಾಯ
ರಾಮದುರ್ಗ: ಗೋಮಾತೆಯ ಗೌರವ ಅಭಿಯಾನ ನಿಮಿತ್ತ ಪಟ್ಟಣದಲ್ಲಿ ಶ್ರೀರಾಮ ಸೇನೆ, ಹಿಂದೂ ಜಾಗರಣ ವೇದಿಕೆ ಸೇರಿದಂತೆ ಹಿಂದೂ ಪರ ಸಂಘಟನೆಗಳ ನೇತೃತ್ವದಲ್ಲಿ ಬೃಹತ್ ಮೆರವಣಿಗೆ ನಡೆಸಿ ತಹಸೀಲ್ದಾರ್ ಮೂಲಕ ಮುಖ್ಯಮಂತ್ರಿಗಳಿಗೆ ಮನವಿ ಸಲ್ಲಿಸಲಾಯಿತು. ರಾಜ್ಯದಲ್ಲಿ ಗೋ ಹತ್ಯೆ ನಿಷೇಧ ಕಾಯ್ದೆಯನ್ನು ಕಟ್ಟುನಿಟ್ಟಾಗಿ ಜಾರಿಗೊಳಿಸಬೇಕು. ಅಕ್ರಮ ಗೋ ಸಾಗಣೆ ತಡೆಯಬೇಕು. ಗೋಶಾಲೆಗಳಿಗೆ ಸರ್ಕಾರ ಅನುದಾನ ನೀಡಬೇಕು ಎಂದು ಒತ್ತಾಯಿಸಲಾಯಿತು. ಮೆರವಣಿಗೆಯಲ್ಲಿ ನೂರಾರು ಕಾರ್ಯಕರ್ತರು, ಮಹಿಳೆಯರು ಪಾಲ್ಗೊಂಡಿದ್ದರು. ಸಂಘಟನೆಯ ಮುಖಂಡರು ಮಾತನಾಡಿ, ಗೋವು ಭಾರತೀಯ ಸಂಸ್ಕೃತಿಯ ಪ್ರತೀಕ ಎಂದರು.
